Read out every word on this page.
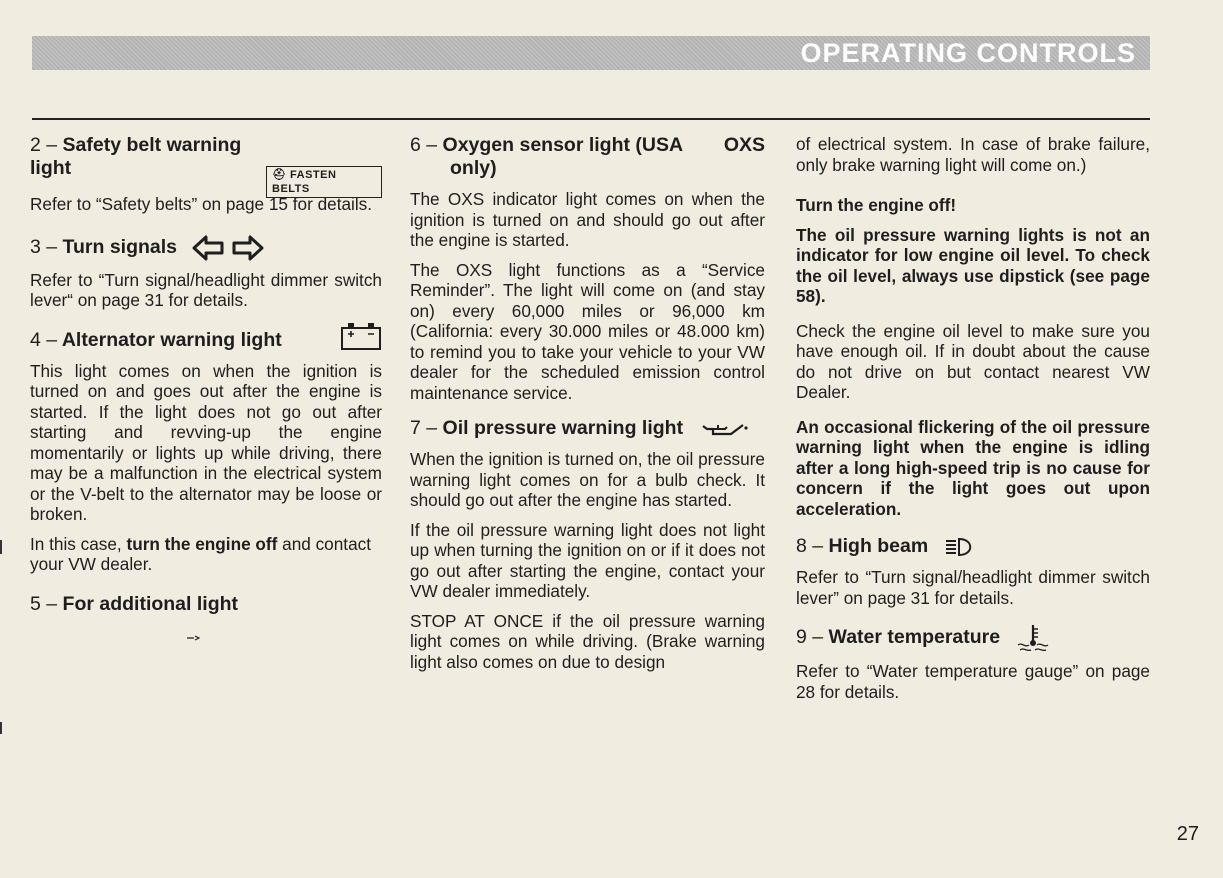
OPERATING CONTROLS
2 – Safety belt warning light	⛑ FASTEN BELTS

Refer to “Safety belts” on page 15 for details.

3 – Turn signals

Refer to “Turn signal/headlight dimmer switch lever“ on page 31 for details.

4 – Alternator warning light

This light comes on when the ignition is turned on and goes out after the engine is started. If the light does not go out after starting and revving-up the engine momentarily or lights up while driving, there may be a malfunction in the electrical system or the V-belt to the alternator may be loose or broken.

In this case, turn the engine off and contact your VW dealer.

5 – For additional light
6 – Oxygen sensor light (USA only)
OXS

The OXS indicator light comes on when the ignition is turned on and should go out after the engine is started.

The OXS light functions as a “Service Reminder”. The light will come on (and stay on) every 60,000 miles or 96,000 km (California: every 30.000 miles or 48.000 km) to remind you to take your vehicle to your VW dealer for the scheduled emission control maintenance service.

7 – Oil pressure warning light

When the ignition is turned on, the oil pressure warning light comes on for a bulb check. It should go out after the engine has started.

If the oil pressure warning light does not light up when turning the ignition on or if it does not go out after starting the engine, contact your VW dealer immediately.

STOP AT ONCE if the oil pressure warning light comes on while driving. (Brake warning light also comes on due to design

of electrical system. In case of brake failure, only brake warning light will come on.)

Turn the engine off!

The oil pressure warning lights is not an indicator for low engine oil level. To check the oil level, always use dipstick (see page 58).

Check the engine oil level to make sure you have enough oil. If in doubt about the cause do not drive on but contact nearest VW Dealer.

An occasional flickering of the oil pressure warning light when the engine is idling after a long high-speed trip is no cause for concern if the light goes out upon acceleration.

8 – High beam

Refer to “Turn signal/headlight dimmer switch lever” on page 31 for details.

9 – Water temperature

Refer to “Water temperature gauge” on page 28 for details.

27
